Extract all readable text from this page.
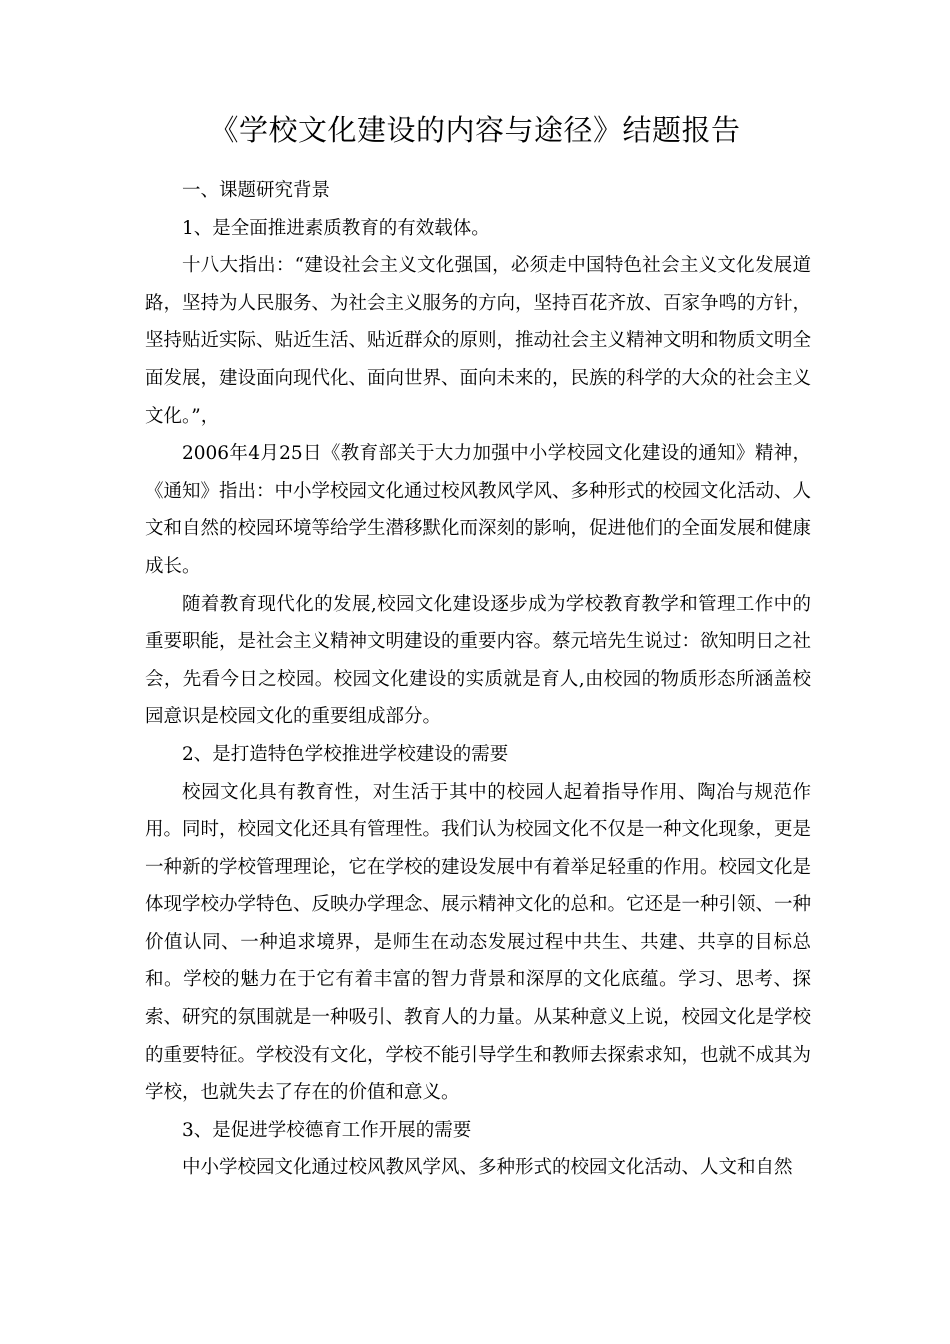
《学校文化建设的内容与途径》结题报告

一、课题研究背景

1、是全面推进素质教育的有效载体。

十八大指出：“建设社会主义文化强国，必须走中国特色社会主义文化发展道路，坚持为人民服务、为社会主义服务的方向，坚持百花齐放、百家争鸣的方针，坚持贴近实际、贴近生活、贴近群众的原则，推动社会主义精神文明和物质文明全面发展，建设面向现代化、面向世界、面向未来的，民族的科学的大众的社会主义文化。”，

2006年4月25日《教育部关于大力加强中小学校园文化建设的通知》精神，《通知》指出：中小学校园文化通过校风教风学风、多种形式的校园文化活动、人文和自然的校园环境等给学生潜移默化而深刻的影响，促进他们的全面发展和健康成长。

随着教育现代化的发展,校园文化建设逐步成为学校教育教学和管理工作中的重要职能，是社会主义精神文明建设的重要内容。蔡元培先生说过：欲知明日之社会，先看今日之校园。校园文化建设的实质就是育人,由校园的物质形态所涵盖校园意识是校园文化的重要组成部分。

2、是打造特色学校推进学校建设的需要

校园文化具有教育性，对生活于其中的校园人起着指导作用、陶冶与规范作用。同时，校园文化还具有管理性。我们认为校园文化不仅是一种文化现象，更是一种新的学校管理理论，它在学校的建设发展中有着举足轻重的作用。校园文化是体现学校办学特色、反映办学理念、展示精神文化的总和。它还是一种引领、一种价值认同、一种追求境界，是师生在动态发展过程中共生、共建、共享的目标总和。学校的魅力在于它有着丰富的智力背景和深厚的文化底蕴。学习、思考、探索、研究的氛围就是一种吸引、教育人的力量。从某种意义上说，校园文化是学校的重要特征。学校没有文化，学校不能引导学生和教师去探索求知，也就不成其为学校，也就失去了存在的价值和意义。

3、是促进学校德育工作开展的需要

中小学校园文化通过校风教风学风、多种形式的校园文化活动、人文和自然
